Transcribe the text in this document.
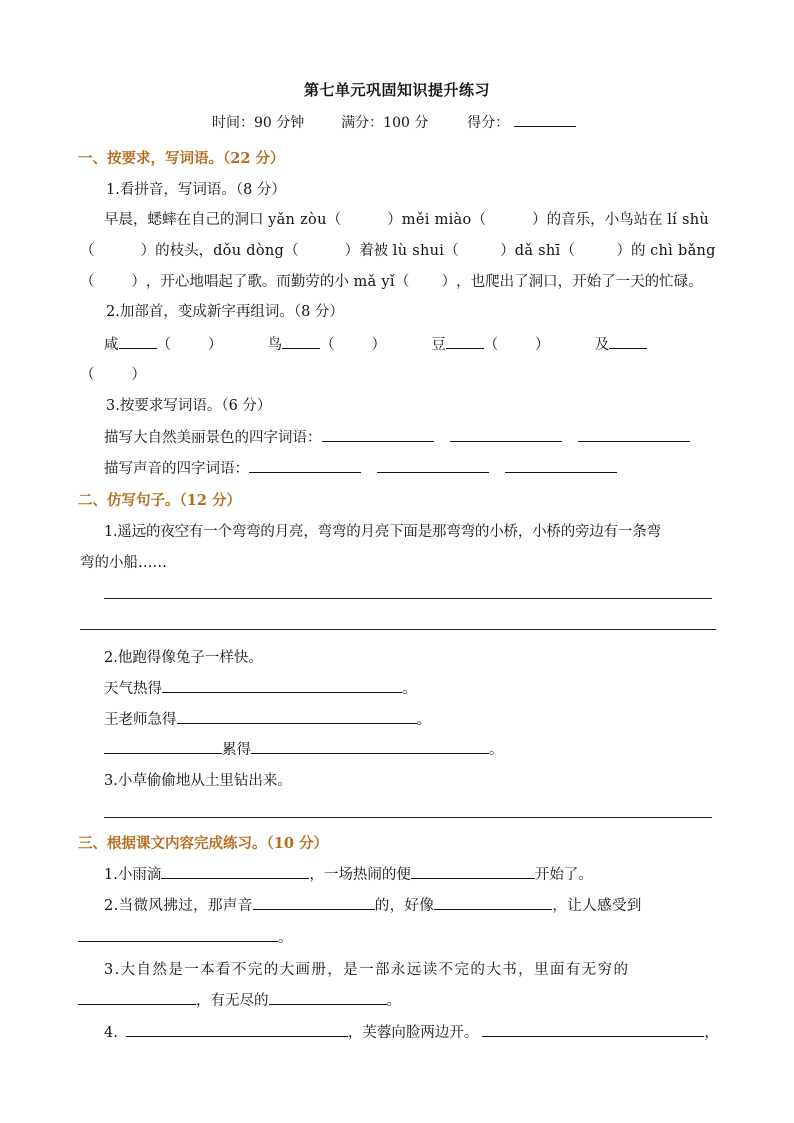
第七单元巩固知识提升练习
时间：90 分钟	满分：100 分	得分：
一、按要求，写词语。（22 分）
1.看拼音，写词语。（8 分）
早晨，蟋蟀在自己的洞口 yǎn zòu（          ）měi miào（          ）的音乐，小鸟站在 lí shù
（          ）的枝头，dǒu dòng（          ）着被 lù shui（         ）dǎ shī（         ）的 chì bǎng
（        ），开心地唱起了歌。而勤劳的小 mǎ yǐ（       ），也爬出了洞口，开始了一天的忙碌。
2.加部首，变成新字再组词。（8 分）
咸	（        ）	鸟	（        ）	豆	（        ）	及
（        ）
3.按要求写词语。（6 分）
描写大自然美丽景色的四字词语：
描写声音的四字词语：
二、仿写句子。（12 分）
1.遥远的夜空有一个弯弯的月亮，弯弯的月亮下面是那弯弯的小桥，小桥的旁边有一条弯
弯的小船……
2.他跑得像兔子一样快。
天气热得	。
王老师急得	。
累得	。
3.小草偷偷地从土里钻出来。
三、根据课文内容完成练习。（10 分）
1.小雨滴	，一场热闹的便	开始了。
2.当微风拂过，那声音	的，好像	，让人感受到
。
3.大自然是一本看不完的大画册，是一部永远读不完的大书，里面有无穷的
，有无尽的	。
4.	，芙蓉向脸两边开。	，
